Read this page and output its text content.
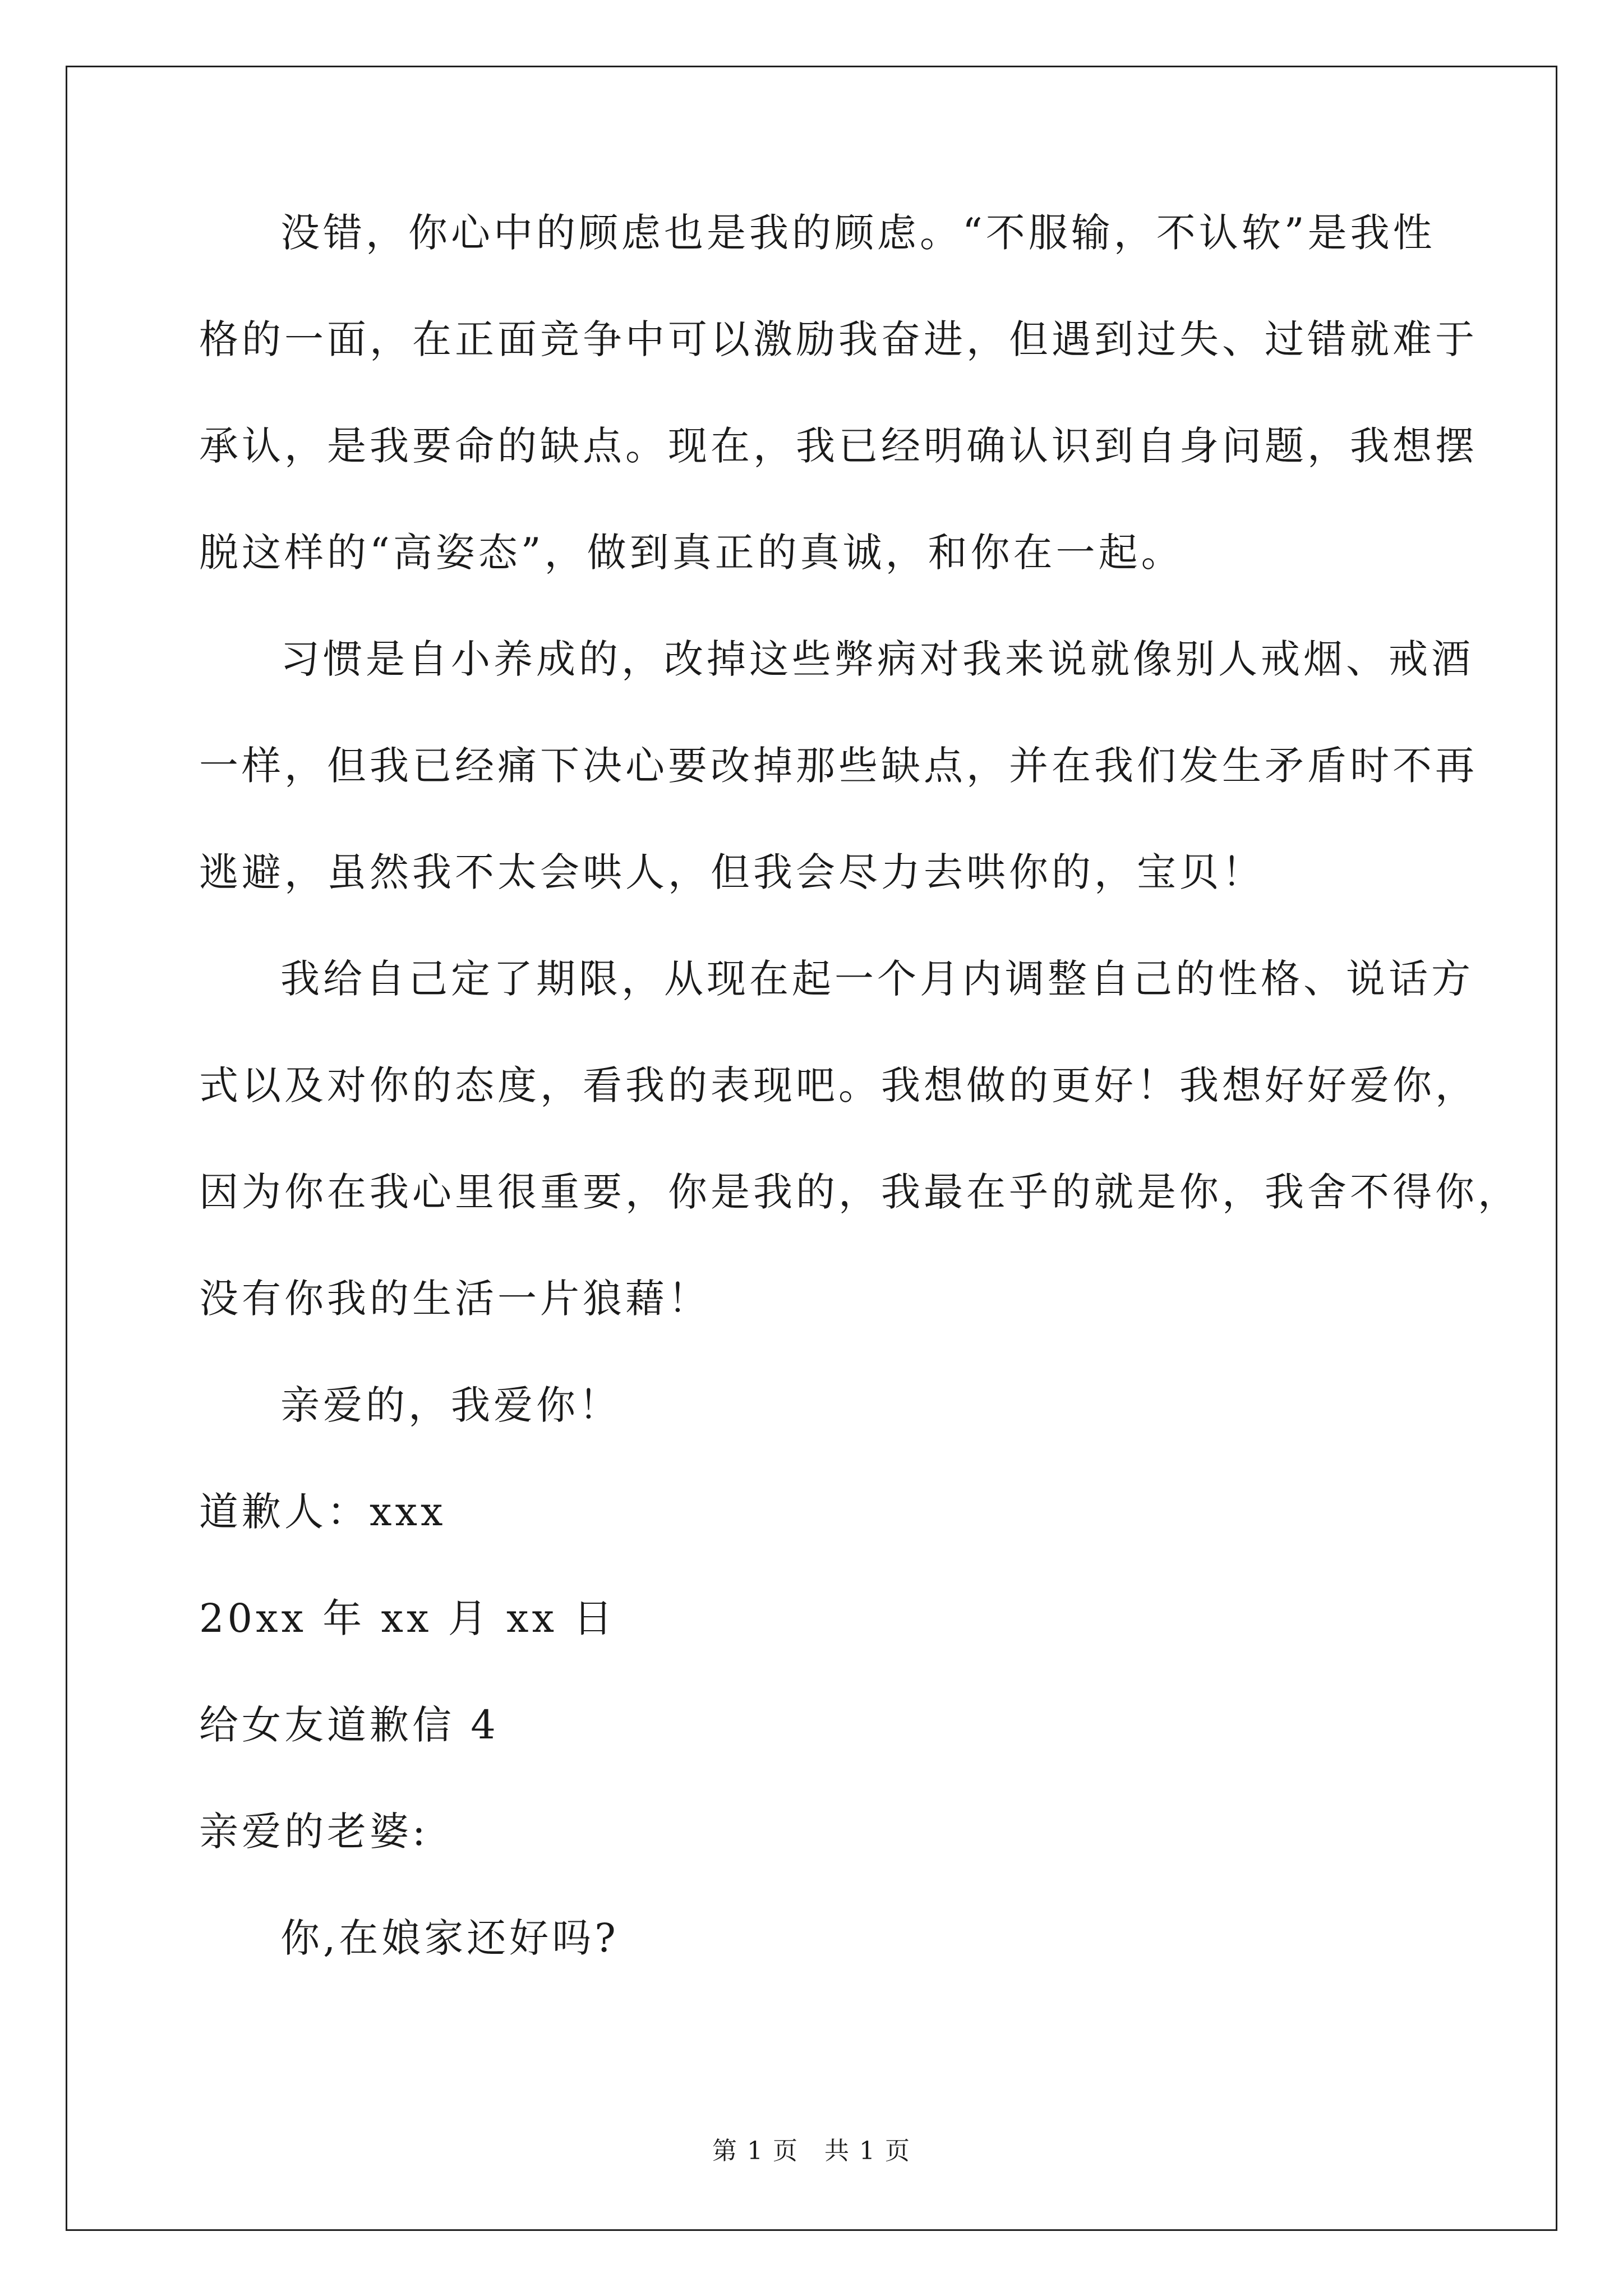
没错，你心中的顾虑也是我的顾虑。“不服输，不认软”是我性
格的一面，在正面竞争中可以激励我奋进，但遇到过失、过错就难于
承认，是我要命的缺点。现在，我已经明确认识到自身问题，我想摆
脱这样的“高姿态”，做到真正的真诚，和你在一起。
习惯是自小养成的，改掉这些弊病对我来说就像别人戒烟、戒酒
一样，但我已经痛下决心要改掉那些缺点，并在我们发生矛盾时不再
逃避，虽然我不太会哄人，但我会尽力去哄你的，宝贝！
我给自己定了期限，从现在起一个月内调整自己的性格、说话方
式以及对你的态度，看我的表现吧。我想做的更好！我想好好爱你，
因为你在我心里很重要，你是我的，我最在乎的就是你，我舍不得你，
没有你我的生活一片狼藉！
亲爱的，我爱你！
道歉人：xxx
20xx 年 xx 月 xx 日
给女友道歉信 4
亲爱的老婆:
你,在娘家还好吗?
第 1 页　共 1 页
